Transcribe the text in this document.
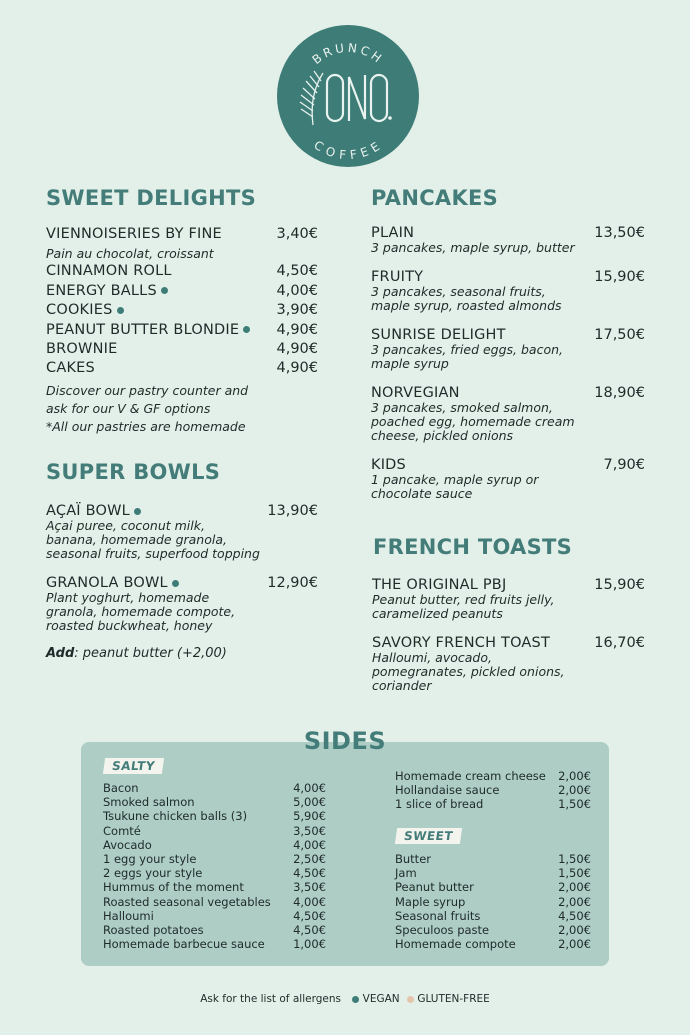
BRUNCH
COFFEE
ONO
SWEET DELIGHTS
VIENNOISERIES BY FINE	3,40€
Pain au chocolat, croissant
CINNAMON ROLL	4,50€
ENERGY BALLS	4,00€
COOKIES	3,90€
PEANUT BUTTER BLONDIE	4,90€
BROWNIE	4,90€
CAKES	4,90€
Discover our pastry counter and
ask for our V & GF options
*All our pastries are homemade
SUPER BOWLS
AÇAÏ BOWL	13,90€
Açai puree, coconut milk,
banana, homemade granola,
seasonal fruits, superfood topping
GRANOLA BOWL	12,90€
Plant yoghurt, homemade
granola, homemade compote,
roasted buckwheat, honey
Add: peanut butter (+2,00)
PANCAKES
PLAIN	13,50€
3 pancakes, maple syrup, butter
FRUITY	15,90€
3 pancakes, seasonal fruits,
maple syrup, roasted almonds
SUNRISE DELIGHT	17,50€
3 pancakes, fried eggs, bacon,
maple syrup
NORVEGIAN	18,90€
3 pancakes, smoked salmon,
poached egg, homemade cream
cheese, pickled onions
KIDS	7,90€
1 pancake, maple syrup or
chocolate sauce
FRENCH TOASTS
THE ORIGINAL PBJ	15,90€
Peanut butter, red fruits jelly,
caramelized peanuts
SAVORY FRENCH TOAST	16,70€
Halloumi, avocado,
pomegranates, pickled onions,
coriander
SIDES
SALTY
Bacon	4,00€
Smoked salmon	5,00€
Tsukune chicken balls (3)	5,90€
Comté	3,50€
Avocado	4,00€
1 egg your style	2,50€
2 eggs your style	4,50€
Hummus of the moment	3,50€
Roasted seasonal vegetables 4,00€
Halloumi	4,50€
Roasted potatoes	4,50€
Homemade barbecue sauce 1,00€
Homemade cream cheese 2,00€
Hollandaise sauce	2,00€
1 slice of bread	1,50€
SWEET
Butter	1,50€
Jam	1,50€
Peanut butter	2,00€
Maple syrup	2,00€
Seasonal fruits	4,50€
Speculoos paste	2,00€
Homemade compote	2,00€
Ask for the list of allergens VEGAN GLUTEN-FREE
